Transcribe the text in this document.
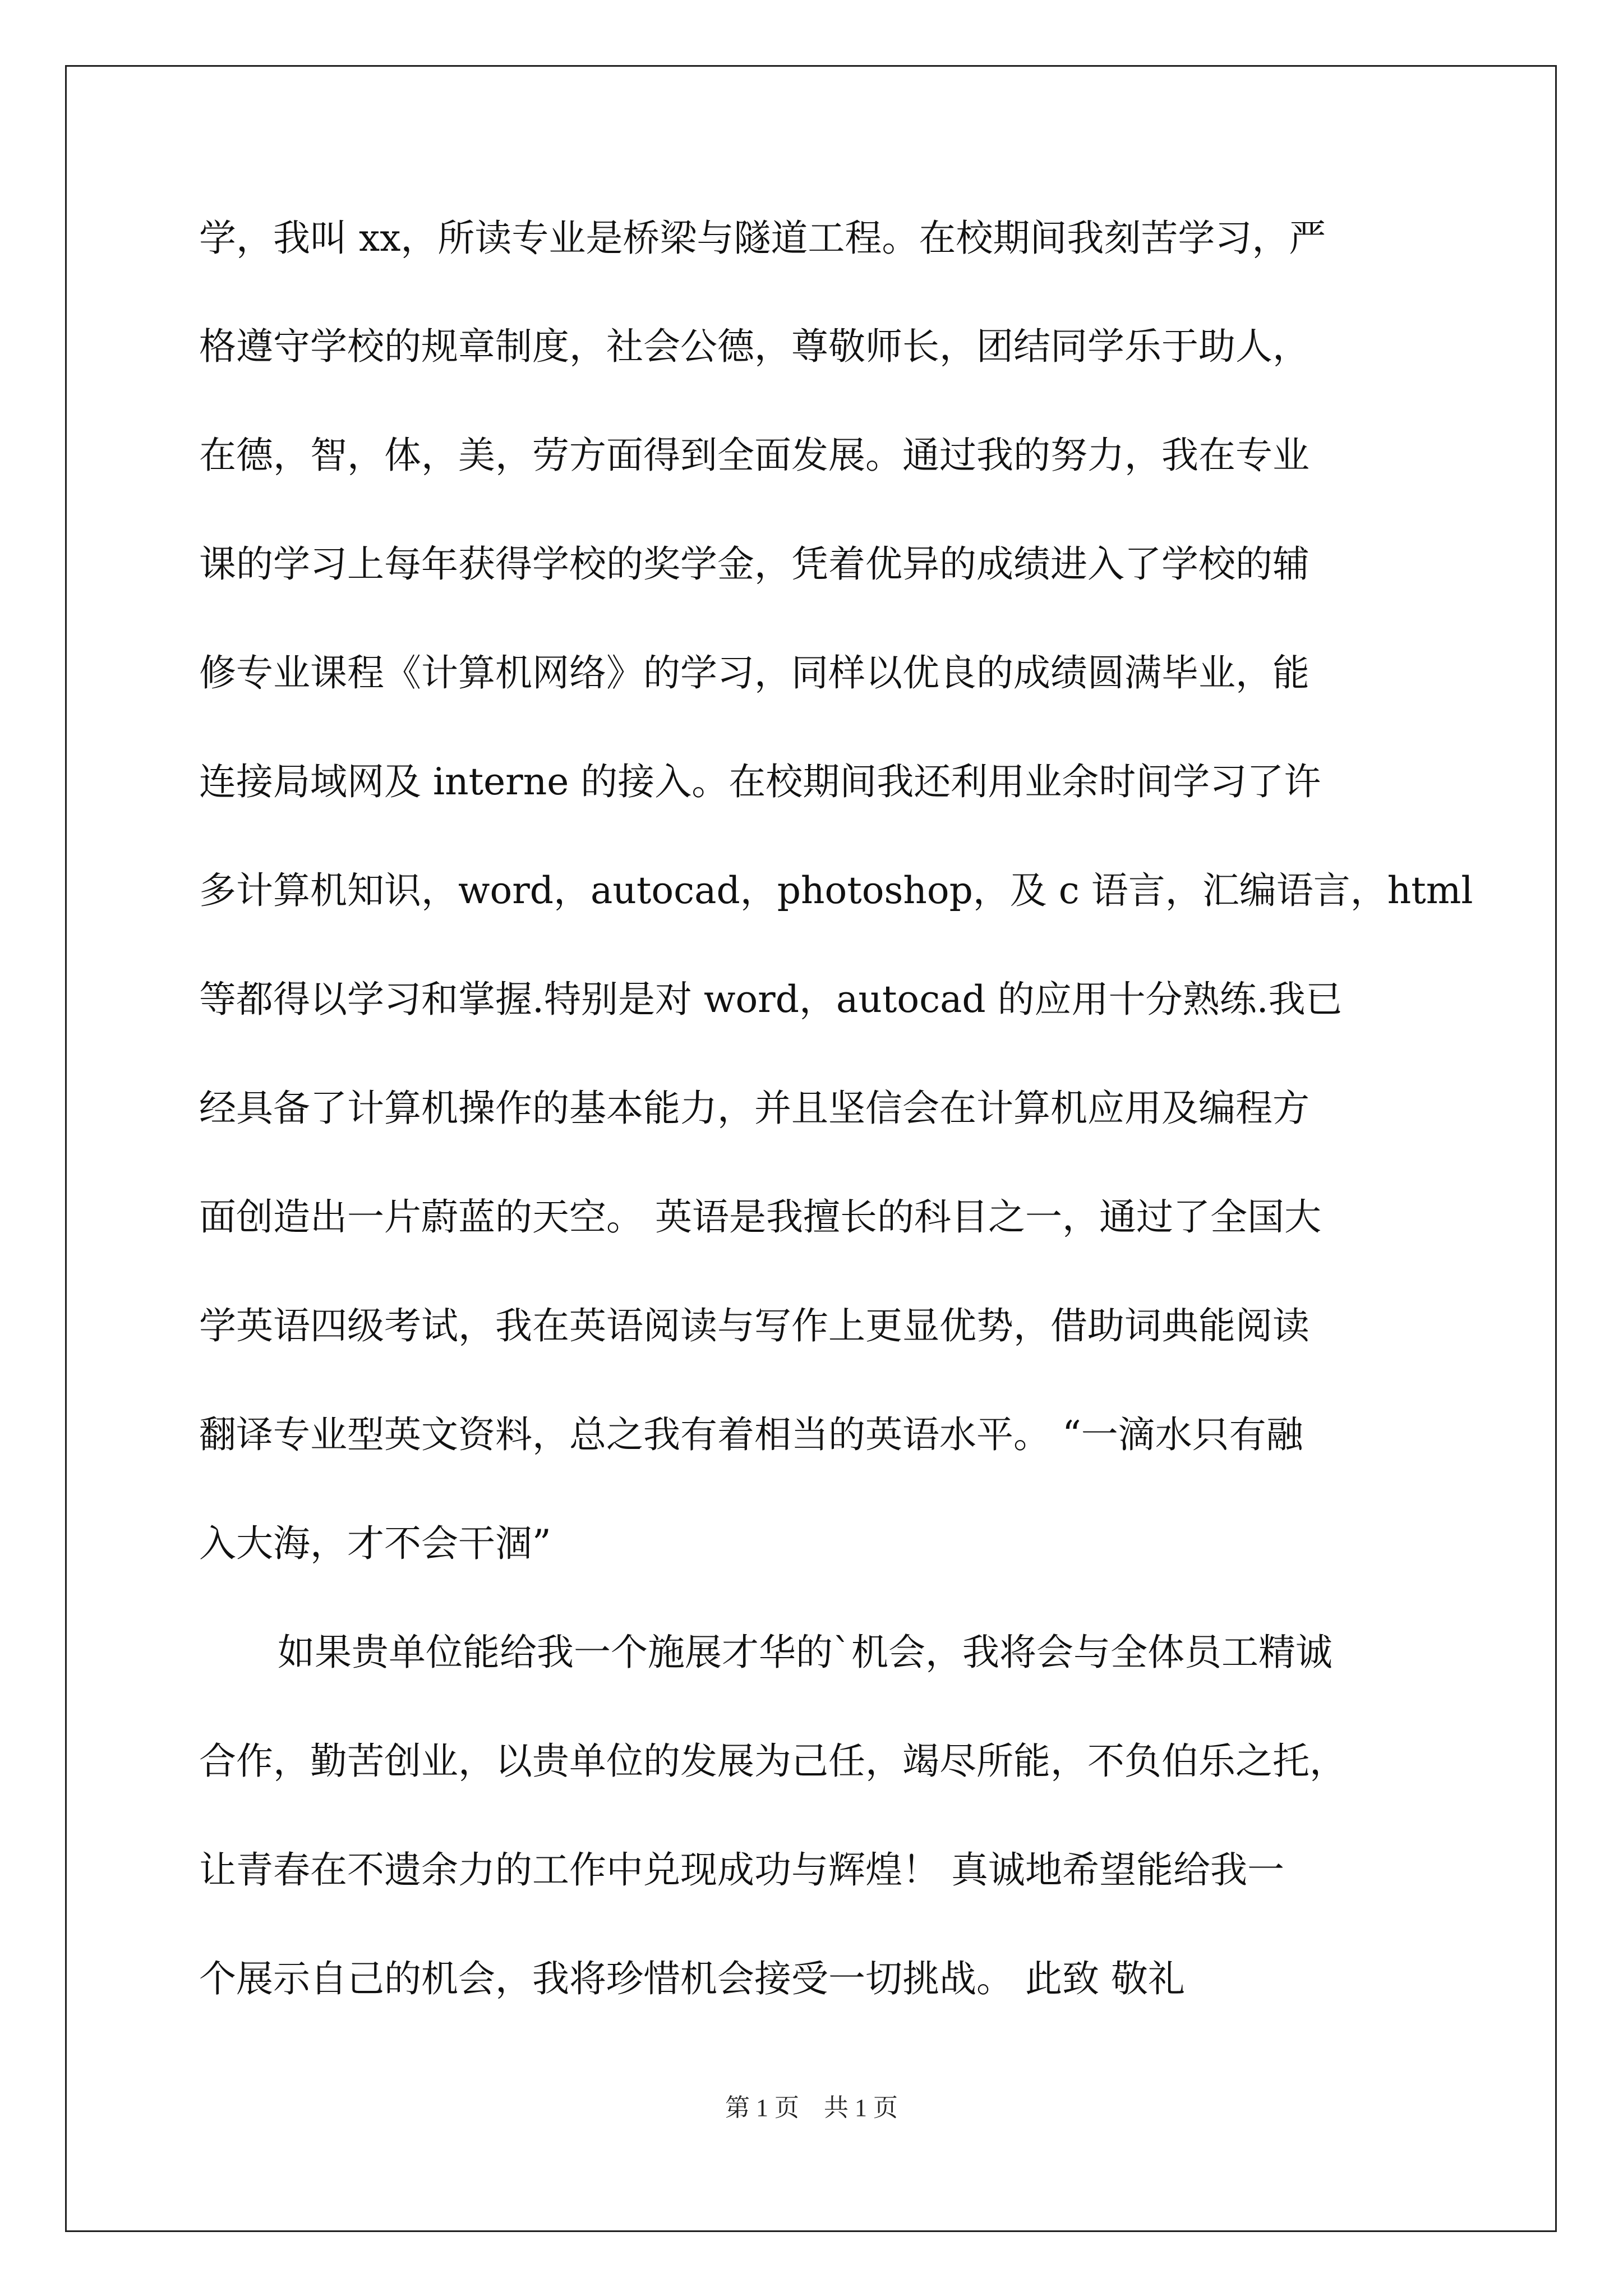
学，我叫 xx，所读专业是桥梁与隧道工程。在校期间我刻苦学习，严
格遵守学校的规章制度，社会公德，尊敬师长，团结同学乐于助人，
在德，智，体，美，劳方面得到全面发展。通过我的努力，我在专业
课的学习上每年获得学校的奖学金，凭着优异的成绩进入了学校的辅
修专业课程《计算机网络》的学习，同样以优良的成绩圆满毕业，能
连接局域网及 interne 的接入。在校期间我还利用业余时间学习了许
多计算机知识，word，autocad，photoshop，及 c 语言，汇编语言，html
等都得以学习和掌握.特别是对 word，autocad 的应用十分熟练.我已
经具备了计算机操作的基本能力，并且坚信会在计算机应用及编程方
面创造出一片蔚蓝的天空。 英语是我擅长的科目之一，通过了全国大
学英语四级考试，我在英语阅读与写作上更显优势，借助词典能阅读
翻译专业型英文资料，总之我有着相当的英语水平。 “一滴水只有融
入大海，才不会干涸”
如果贵单位能给我一个施展才华的`机会，我将会与全体员工精诚
合作，勤苦创业，以贵单位的发展为己任，竭尽所能，不负伯乐之托，
让青春在不遗余力的工作中兑现成功与辉煌！ 真诚地希望能给我一
个展示自己的机会，我将珍惜机会接受一切挑战。 此致 敬礼
第 1 页　共 1 页
